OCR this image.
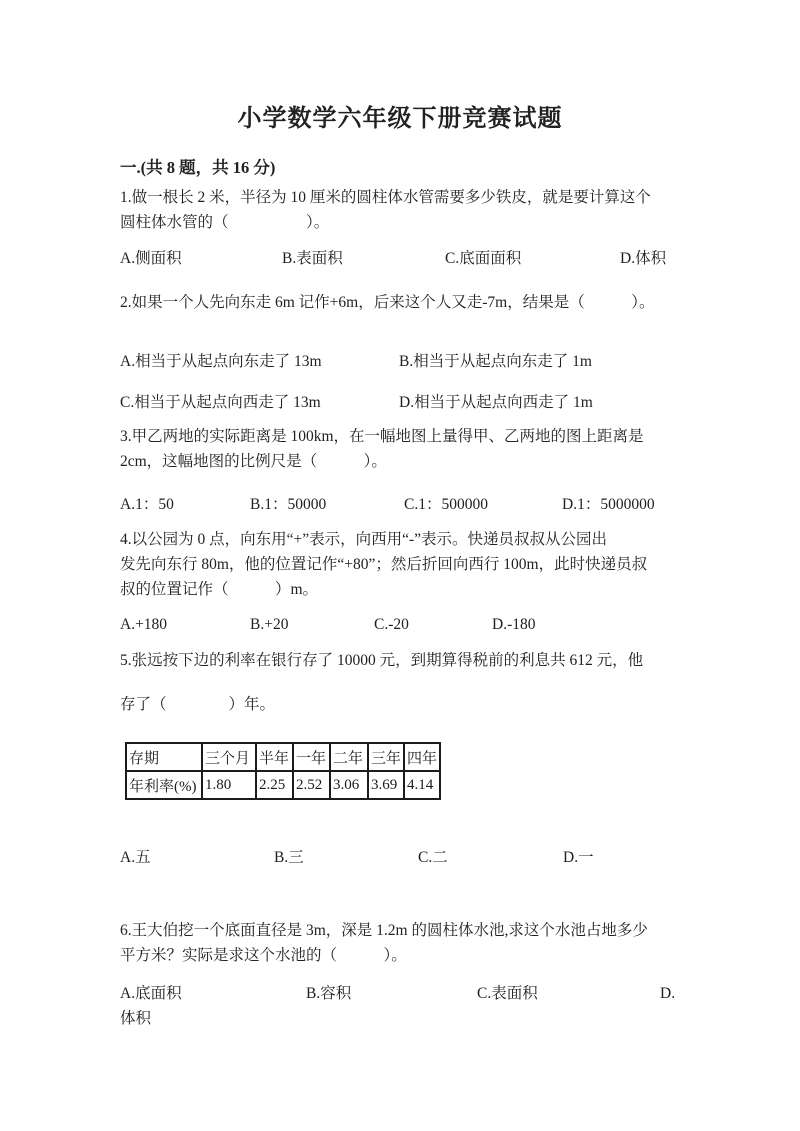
小学数学六年级下册竞赛试题
一.(共 8 题，共 16 分)
1.做一根长 2 米，半径为 10 厘米的圆柱体水管需要多少铁皮，就是要计算这个
圆柱体水管的（　　　　　）。
A.侧面积	B.表面积	C.底面面积	D.体积
2.如果一个人先向东走 6m 记作+6m，后来这个人又走-7m，结果是（　　　）。
A.相当于从起点向东走了 13m	B.相当于从起点向东走了 1m
C.相当于从起点向西走了 13m	D.相当于从起点向西走了 1m
3.甲乙两地的实际距离是 100km，在一幅地图上量得甲、乙两地的图上距离是
2cm，这幅地图的比例尺是（　　　）。
A.1：50	B.1：50000	C.1：500000	D.1：5000000
4.以公园为 0 点，向东用“+”表示，向西用“-”表示。快递员叔叔从公园出
发先向东行 80m，他的位置记作“+80”；然后折回向西行 100m，此时快递员叔
叔的位置记作（　　　）m。
A.+180	B.+20	C.-20	D.-180
5.张远按下边的利率在银行存了 10000 元，到期算得税前的利息共 612 元，他
存了（　　　　）年。
存期	三个月	半年	一年	二年	三年	四年
年利率(%)	1.80	2.25	2.52	3.06	3.69	4.14
A.五	B.三	C.二	D.一
6.王大伯挖一个底面直径是 3m，深是 1.2m 的圆柱体水池,求这个水池占地多少
平方米？实际是求这个水池的（　　　）。
A.底面积	B.容积	C.表面积	D.
体积
